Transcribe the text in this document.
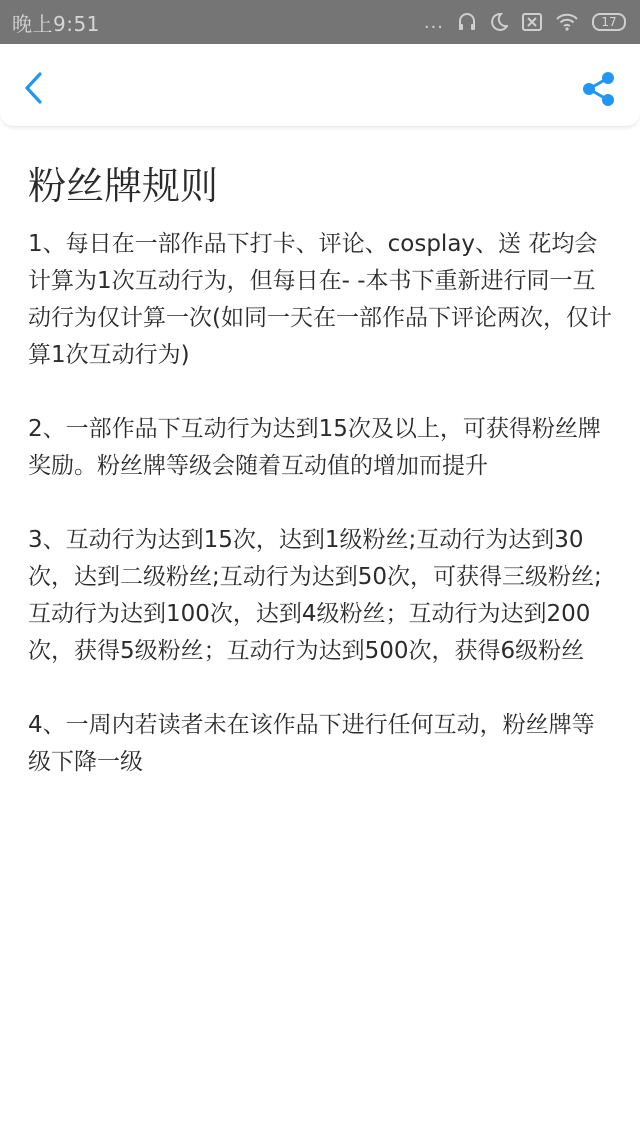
晚上9:51	...	17
粉丝牌规则

1、每日在一部作品下打卡、评论、cosplay、送 花均会计算为1次互动行为，但每日在- -本书下重新进行同一互动行为仅计算一次(如同一天在一部作品下评论两次，仅计算1次互动行为)

2、一部作品下互动行为达到15次及以上，可获得粉丝牌奖励。粉丝牌等级会随着互动值的增加而提升

3、互动行为达到15次，达到1级粉丝;互动行为达到30次，达到二级粉丝;互动行为达到50次，可获得三级粉丝;互动行为达到100次，达到4级粉丝；互动行为达到200次，获得5级粉丝；互动行为达到500次，获得6级粉丝

4、一周内若读者未在该作品下进行任何互动，粉丝牌等级下降一级
